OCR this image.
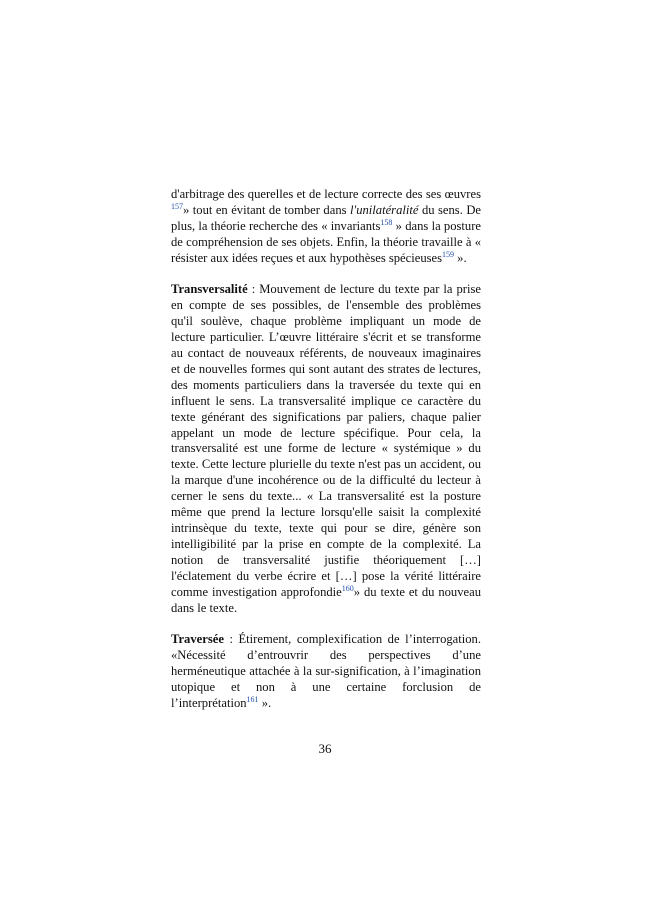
d'arbitrage des querelles et de lecture correcte des ses œuvres $^{157}$» tout en évitant de tomber dans l'unilatéralité du sens. De plus, la théorie recherche des « invariants$^{158}$ » dans la posture de compréhension de ses objets. Enfin, la théorie travaille à « résister aux idées reçues et aux hypothèses spécieuses$^{159}$ ».

Transversalité : Mouvement de lecture du texte par la prise en compte de ses possibles, de l'ensemble des problèmes qu'il soulève, chaque problème impliquant un mode de lecture particulier. L’œuvre littéraire s'écrit et se transforme au contact de nouveaux référents, de nouveaux imaginaires et de nouvelles formes qui sont autant des strates de lectures, des moments particuliers dans la traversée du texte qui en influent le sens. La transversalité implique ce caractère du texte générant des significations par paliers, chaque palier appelant un mode de lecture spécifique. Pour cela, la transversalité est une forme de lecture « systémique » du texte. Cette lecture plurielle du texte n'est pas un accident, ou la marque d'une incohérence ou de la difficulté du lecteur à cerner le sens du texte... « La transversalité est la posture même que prend la lecture lorsqu'elle saisit la complexité intrinsèque du texte, texte qui pour se dire, génère son intelligibilité par la prise en compte de la complexité. La notion de transversalité justifie théoriquement […] l'éclatement du verbe écrire et […] pose la vérité littéraire comme investigation approfondie$^{160}$» du texte et du nouveau dans le texte.

Traversée : Étirement, complexification de l’interrogation. «Nécessité d’entrouvrir des perspectives d’une herméneutique attachée à la sur-signification, à l’imagination utopique et non à une certaine forclusion de l’interprétation$^{161}$ ».

36
